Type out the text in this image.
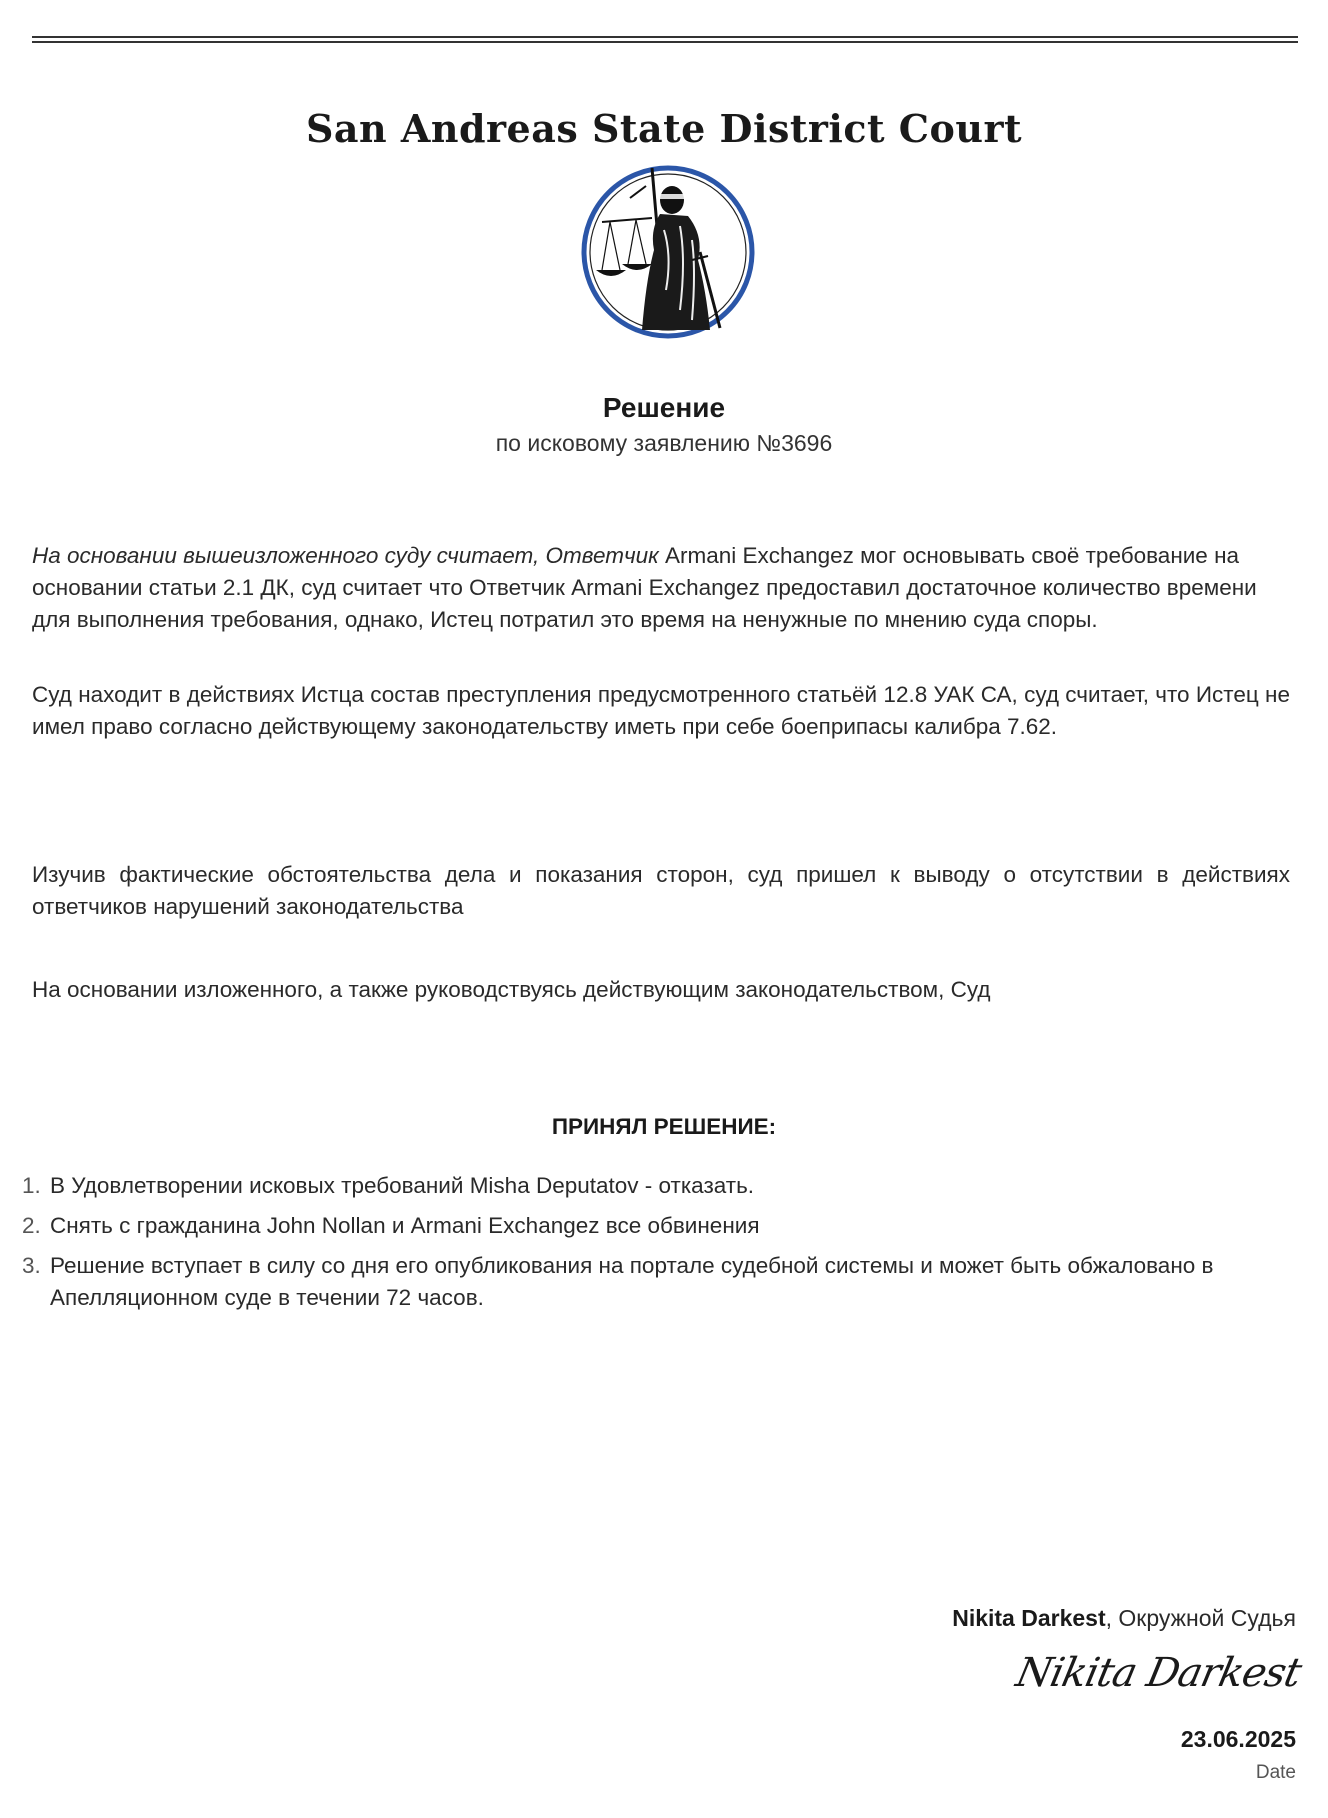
San Andreas State District Court
Решение
по исковому заявлению №3696
На основании вышеизложенного суду считает, Ответчик Armani Exchangez мог основывать своё требование на основании статьи 2.1 ДК, суд считает что Ответчик Armani Exchangez предоставил достаточное количество времени для выполнения требования, однако, Истец потратил это время на ненужные по мнению суда споры.
Суд находит в действиях Истца состав преступления предусмотренного статьёй 12.8 УАК СА, суд считает, что Истец не имел право согласно действующему законодательству иметь при себе боеприпасы калибра 7.62.
Изучив фактические обстоятельства дела и показания сторон, суд пришел к выводу о отсутствии в действиях ответчиков нарушений законодательства
На основании изложенного, а также руководствуясь действующим законодательством, Суд
ПРИНЯЛ РЕШЕНИЕ:
1. В Удовлетворении исковых требований Misha Deputatov - отказать.
2. Снять с гражданина John Nollan и Armani Exchangez все обвинения
3. Решение вступает в силу со дня его опубликования на портале судебной системы и может быть обжаловано в Апелляционном суде в течении 72 часов.
Nikita Darkest, Окружной Судья
Nikita Darkest
23.06.2025
Date
